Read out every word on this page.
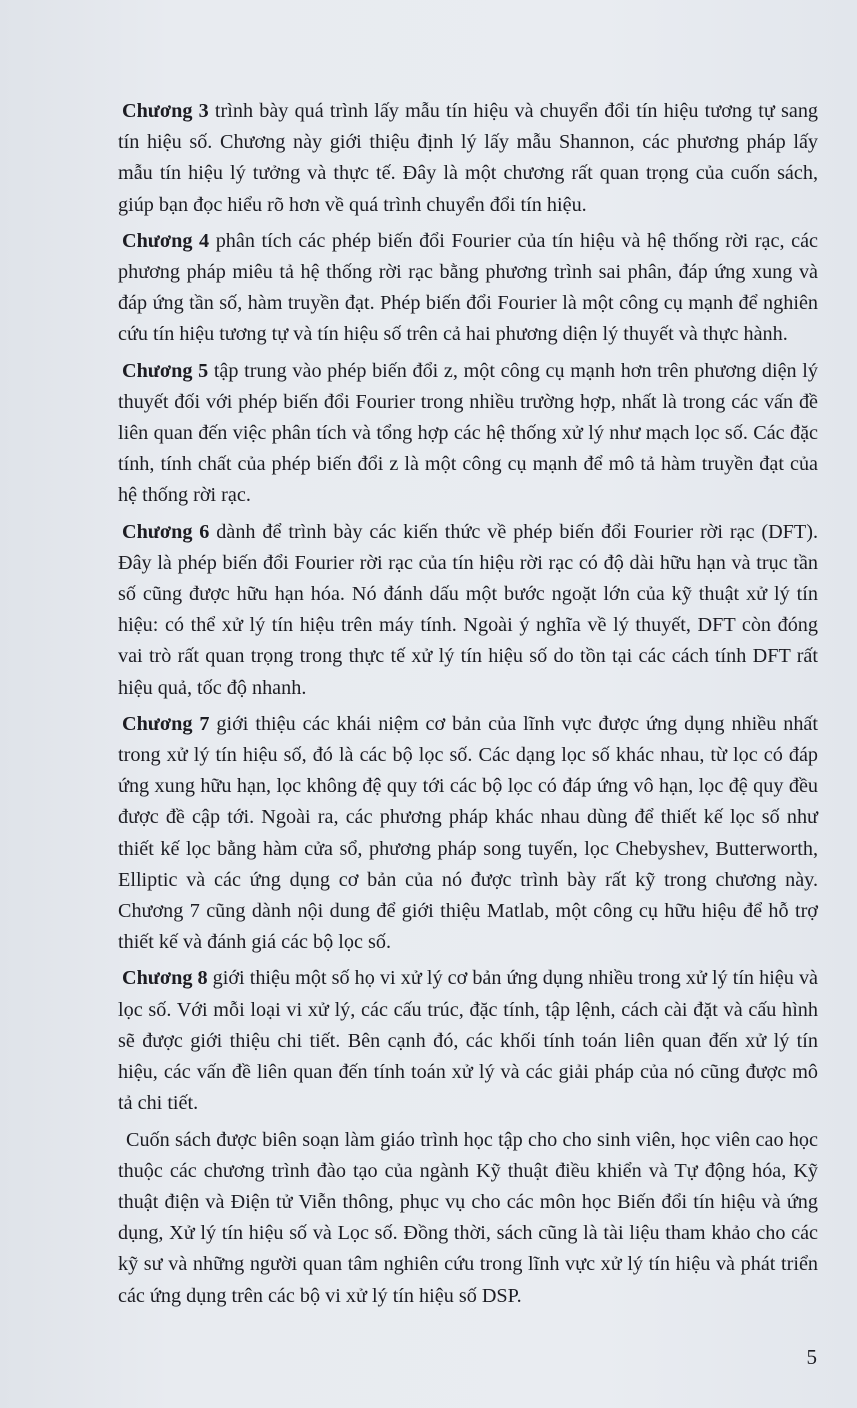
Chương 3 trình bày quá trình lấy mẫu tín hiệu và chuyển đổi tín hiệu tương tự sang tín hiệu số. Chương này giới thiệu định lý lấy mẫu Shannon, các phương pháp lấy mẫu tín hiệu lý tưởng và thực tế. Đây là một chương rất quan trọng của cuốn sách, giúp bạn đọc hiểu rõ hơn về quá trình chuyển đổi tín hiệu.

Chương 4 phân tích các phép biến đổi Fourier của tín hiệu và hệ thống rời rạc, các phương pháp miêu tả hệ thống rời rạc bằng phương trình sai phân, đáp ứng xung và đáp ứng tần số, hàm truyền đạt. Phép biến đổi Fourier là một công cụ mạnh để nghiên cứu tín hiệu tương tự và tín hiệu số trên cả hai phương diện lý thuyết và thực hành.

Chương 5 tập trung vào phép biến đổi z, một công cụ mạnh hơn trên phương diện lý thuyết đối với phép biến đổi Fourier trong nhiều trường hợp, nhất là trong các vấn đề liên quan đến việc phân tích và tổng hợp các hệ thống xử lý như mạch lọc số. Các đặc tính, tính chất của phép biến đổi z là một công cụ mạnh để mô tả hàm truyền đạt của hệ thống rời rạc.

Chương 6 dành để trình bày các kiến thức về phép biến đổi Fourier rời rạc (DFT). Đây là phép biến đổi Fourier rời rạc của tín hiệu rời rạc có độ dài hữu hạn và trục tần số cũng được hữu hạn hóa. Nó đánh dấu một bước ngoặt lớn của kỹ thuật xử lý tín hiệu: có thể xử lý tín hiệu trên máy tính. Ngoài ý nghĩa về lý thuyết, DFT còn đóng vai trò rất quan trọng trong thực tế xử lý tín hiệu số do tồn tại các cách tính DFT rất hiệu quả, tốc độ nhanh.

Chương 7 giới thiệu các khái niệm cơ bản của lĩnh vực được ứng dụng nhiều nhất trong xử lý tín hiệu số, đó là các bộ lọc số. Các dạng lọc số khác nhau, từ lọc có đáp ứng xung hữu hạn, lọc không đệ quy tới các bộ lọc có đáp ứng vô hạn, lọc đệ quy đều được đề cập tới. Ngoài ra, các phương pháp khác nhau dùng để thiết kế lọc số như thiết kế lọc bằng hàm cửa sổ, phương pháp song tuyến, lọc Chebyshev, Butterworth, Elliptic và các ứng dụng cơ bản của nó được trình bày rất kỹ trong chương này. Chương 7 cũng dành nội dung để giới thiệu Matlab, một công cụ hữu hiệu để hỗ trợ thiết kế và đánh giá các bộ lọc số.

Chương 8 giới thiệu một số họ vi xử lý cơ bản ứng dụng nhiều trong xử lý tín hiệu và lọc số. Với mỗi loại vi xử lý, các cấu trúc, đặc tính, tập lệnh, cách cài đặt và cấu hình sẽ được giới thiệu chi tiết. Bên cạnh đó, các khối tính toán liên quan đến xử lý tín hiệu, các vấn đề liên quan đến tính toán xử lý và các giải pháp của nó cũng được mô tả chi tiết.

Cuốn sách được biên soạn làm giáo trình học tập cho cho sinh viên, học viên cao học thuộc các chương trình đào tạo của ngành Kỹ thuật điều khiển và Tự động hóa, Kỹ thuật điện và Điện tử Viễn thông, phục vụ cho các môn học Biến đổi tín hiệu và ứng dụng, Xử lý tín hiệu số và Lọc số. Đồng thời, sách cũng là tài liệu tham khảo cho các kỹ sư và những người quan tâm nghiên cứu trong lĩnh vực xử lý tín hiệu và phát triển các ứng dụng trên các bộ vi xử lý tín hiệu số DSP.

5
